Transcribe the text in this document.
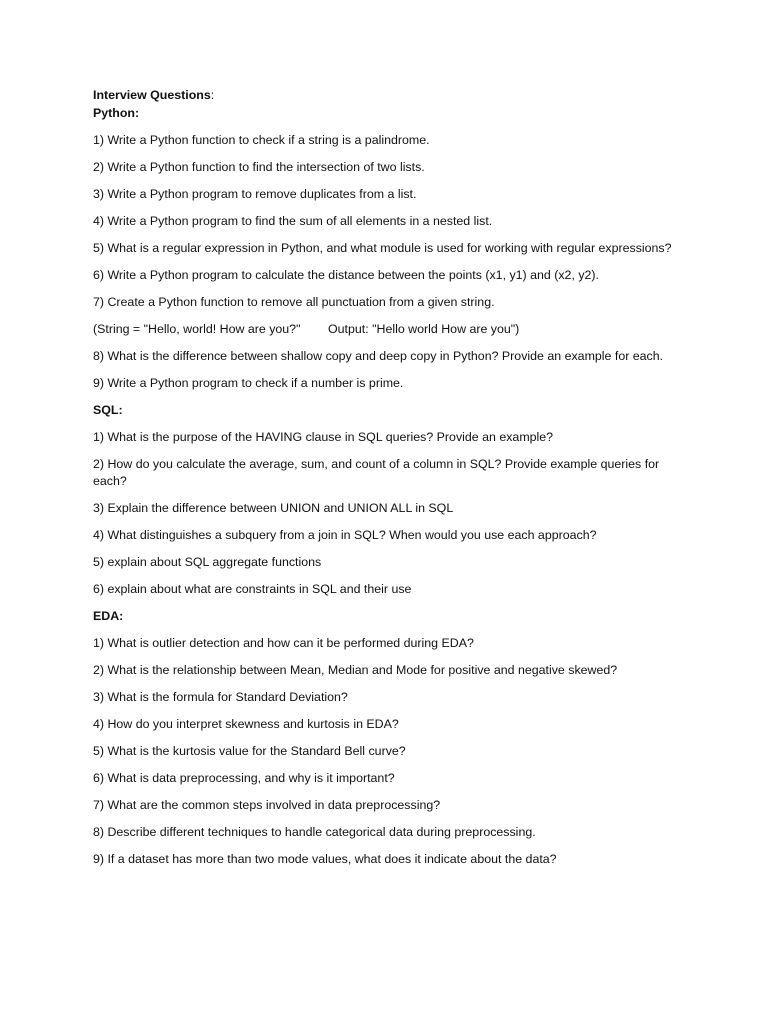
Interview Questions:

Python:

1) Write a Python function to check if a string is a palindrome.

2) Write a Python function to find the intersection of two lists.

3) Write a Python program to remove duplicates from a list.

4) Write a Python program to find the sum of all elements in a nested list.

5) What is a regular expression in Python, and what module is used for working with regular expressions?

6) Write a Python program to calculate the distance between the points (x1, y1) and (x2, y2).

7) Create a Python function to remove all punctuation from a given string.

(String = "Hello, world! How are you?"        Output: "Hello world How are you")

8) What is the difference between shallow copy and deep copy in Python? Provide an example for each.

9) Write a Python program to check if a number is prime.

SQL:

1) What is the purpose of the HAVING clause in SQL queries? Provide an example?

2) How do you calculate the average, sum, and count of a column in SQL? Provide example queries for each?

3) Explain the difference between UNION and UNION ALL in SQL

4) What distinguishes a subquery from a join in SQL? When would you use each approach?

5) explain about SQL aggregate functions

6) explain about what are constraints in SQL and their use

EDA:

1) What is outlier detection and how can it be performed during EDA?

2) What is the relationship between Mean, Median and Mode for positive and negative skewed?

3) What is the formula for Standard Deviation?

4) How do you interpret skewness and kurtosis in EDA?

5) What is the kurtosis value for the Standard Bell curve?

6) What is data preprocessing, and why is it important?

7) What are the common steps involved in data preprocessing?

8) Describe different techniques to handle categorical data during preprocessing.

9) If a dataset has more than two mode values, what does it indicate about the data?
